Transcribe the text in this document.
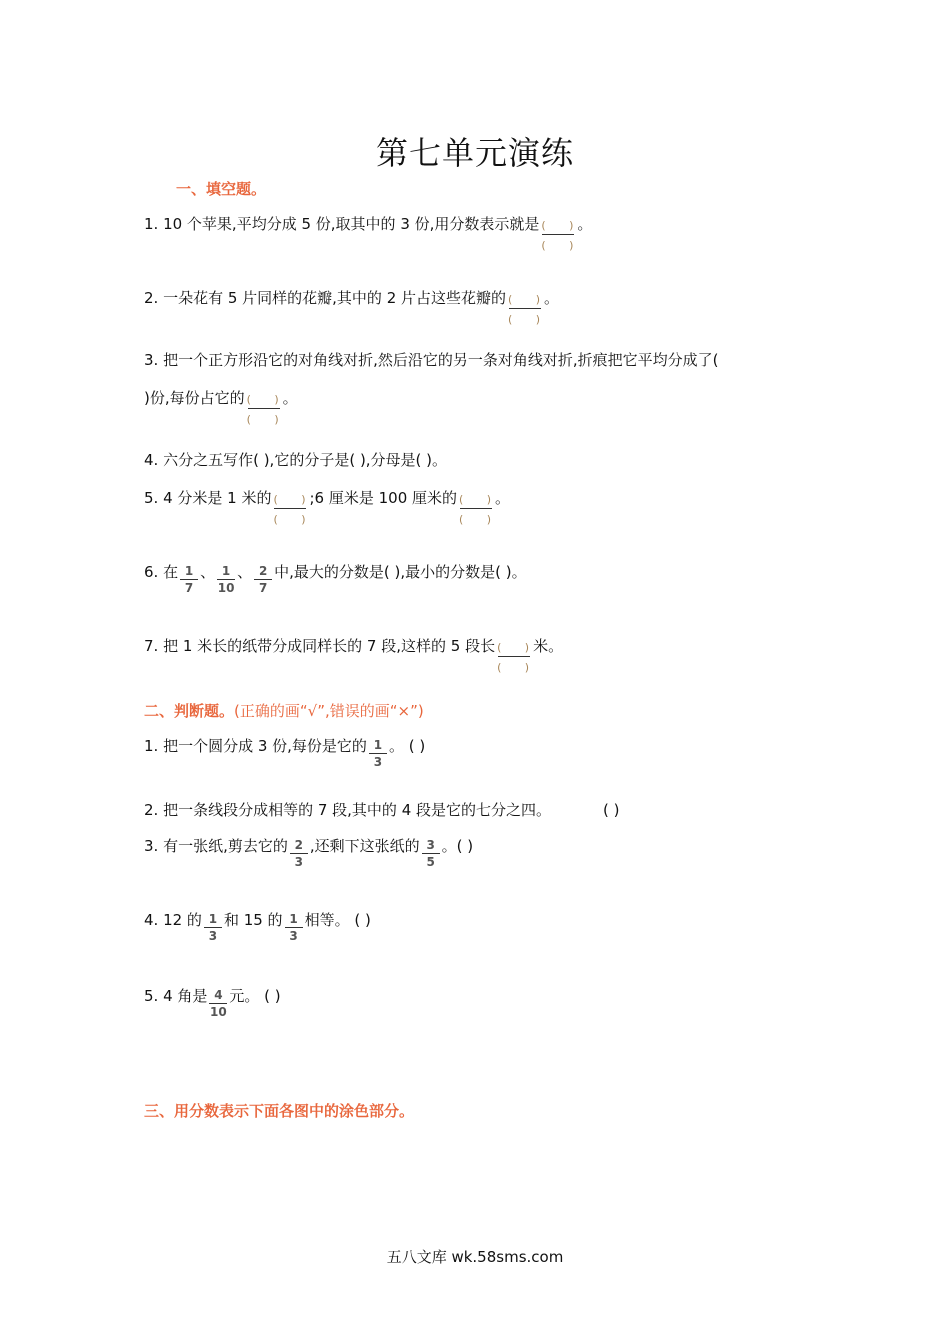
第七单元演练
一、填空题。
1. 10 个苹果,平均分成 5 份,取其中的 3 份,用分数表示就是 ( )
( )	。
2. 一朵花有 5 片同样的花瓣,其中的 2 片占这些花瓣的 ( )
( )	。
3. 把一个正方形沿它的对角线对折,然后沿它的另一条对角线对折,折痕把它平均分成了(
)份,每份占它的 ( )
( )	。
4. 六分之五写作( ),它的分子是( ),分母是( )。
5. 4 分米是 1 米的 ( )
( )	;6 厘米是 100 厘米的 ( )
( )	。
6. 在 $\frac{1}{7}$ 、 $\frac{1}{10}$ 、 $\frac{2}{7}$ 中,最大的分数是( ),最小的分数是( )。
7. 把 1 米长的纸带分成同样长的 7 段,这样的 5 段长 ( )
( )	米。
二、判断题。(正确的画“√”,错误的画“×”)
1. 把一个圆分成 3 份,每份是它的 $\frac{1}{3}$ 。 ( )
2. 把一条线段分成相等的 7 段,其中的 4 段是它的七分之四。	( )
3. 有一张纸,剪去它的 $\frac{2}{3}$ ,还剩下这张纸的 $\frac{3}{5}$ 。( )
4. 12 的 $\frac{1}{3}$ 和 15 的 $\frac{1}{3}$ 相等。 ( )
5. 4 角是 $\frac{4}{10}$ 元。 ( )
三、用分数表示下面各图中的涂色部分。
五八文库 wk.58sms.com
